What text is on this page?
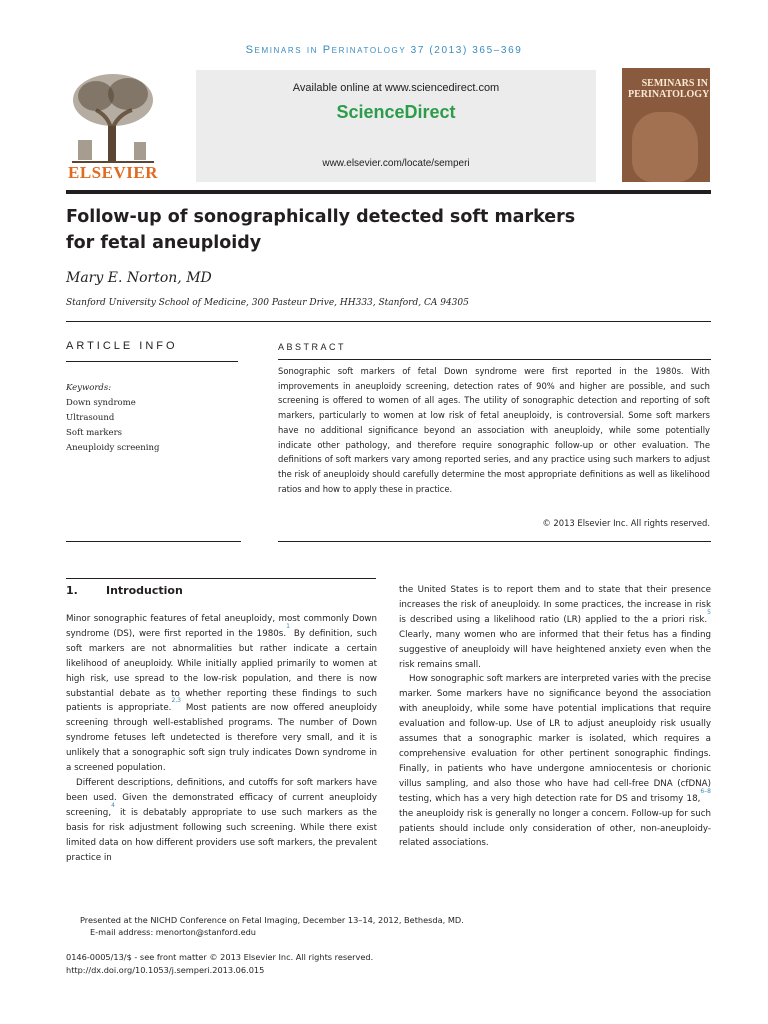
Seminars in Perinatology 37 (2013) 365–369
ELSEVIER
Available online at www.sciencedirect.com
ScienceDirect
www.elsevier.com/locate/semperi
SEMINARS IN
PERINATOLOGY
Follow-up of sonographically detected soft markers
for fetal aneuploidy
Mary E. Norton, MD
Stanford University School of Medicine, 300 Pasteur Drive, HH333, Stanford, CA 94305
ARTICLE INFO
Keywords:
Down syndrome
Ultrasound
Soft markers
Aneuploidy screening
ABSTRACT
Sonographic soft markers of fetal Down syndrome were first reported in the 1980s. With improvements in aneuploidy screening, detection rates of 90% and higher are possible, and such screening is offered to women of all ages. The utility of sonographic detection and reporting of soft markers, particularly to women at low risk of fetal aneuploidy, is controversial. Some soft markers have no additional significance beyond an association with aneuploidy, while some potentially indicate other pathology, and therefore require sonographic follow-up or other evaluation. The definitions of soft markers vary among reported series, and any practice using such markers to adjust the risk of aneuploidy should carefully determine the most appropriate definitions as well as likelihood ratios and how to apply these in practice.
© 2013 Elsevier Inc. All rights reserved.
1.	Introduction

Minor sonographic features of fetal aneuploidy, most commonly Down syndrome (DS), were first reported in the 1980s.$^1$ By definition, such soft markers are not abnormalities but rather indicate a certain likelihood of aneuploidy. While initially applied primarily to women at high risk, use spread to the low-risk population, and there is now substantial debate as to whether reporting these findings to such patients is appropriate.$^{2,3}$ Most patients are now offered aneuploidy screening through well-established programs. The number of Down syndrome fetuses left undetected is therefore very small, and it is unlikely that a sonographic soft sign truly indicates Down syndrome in a screened population.

Different descriptions, definitions, and cutoffs for soft markers have been used. Given the demonstrated efficacy of current aneuploidy screening,$^4$ it is debatably appropriate to use such markers as the basis for risk adjustment following such screening. While there exist limited data on how different providers use soft markers, the prevalent practice in

the United States is to report them and to state that their presence increases the risk of aneuploidy. In some practices, the increase in risk is described using a likelihood ratio (LR) applied to the a priori risk.$^5$ Clearly, many women who are informed that their fetus has a finding suggestive of aneuploidy will have heightened anxiety even when the risk remains small.

How sonographic soft markers are interpreted varies with the precise marker. Some markers have no significance beyond the association with aneuploidy, while some have potential implications that require evaluation and follow-up. Use of LR to adjust aneuploidy risk usually assumes that a sonographic marker is isolated, which requires a comprehensive evaluation for other pertinent sonographic findings. Finally, in patients who have undergone amniocentesis or chorionic villus sampling, and also those who have had cell-free DNA (cfDNA) testing, which has a very high detection rate for DS and trisomy 18,$^{6-8}$ the aneuploidy risk is generally no longer a concern. Follow-up for such patients should include only consideration of other, non-aneuploidy-related associations.

Presented at the NICHD Conference on Fetal Imaging, December 13–14, 2012, Bethesda, MD.
E-mail address: menorton@stanford.edu
0146-0005/13/$ - see front matter © 2013 Elsevier Inc. All rights reserved.
http://dx.doi.org/10.1053/j.semperi.2013.06.015
